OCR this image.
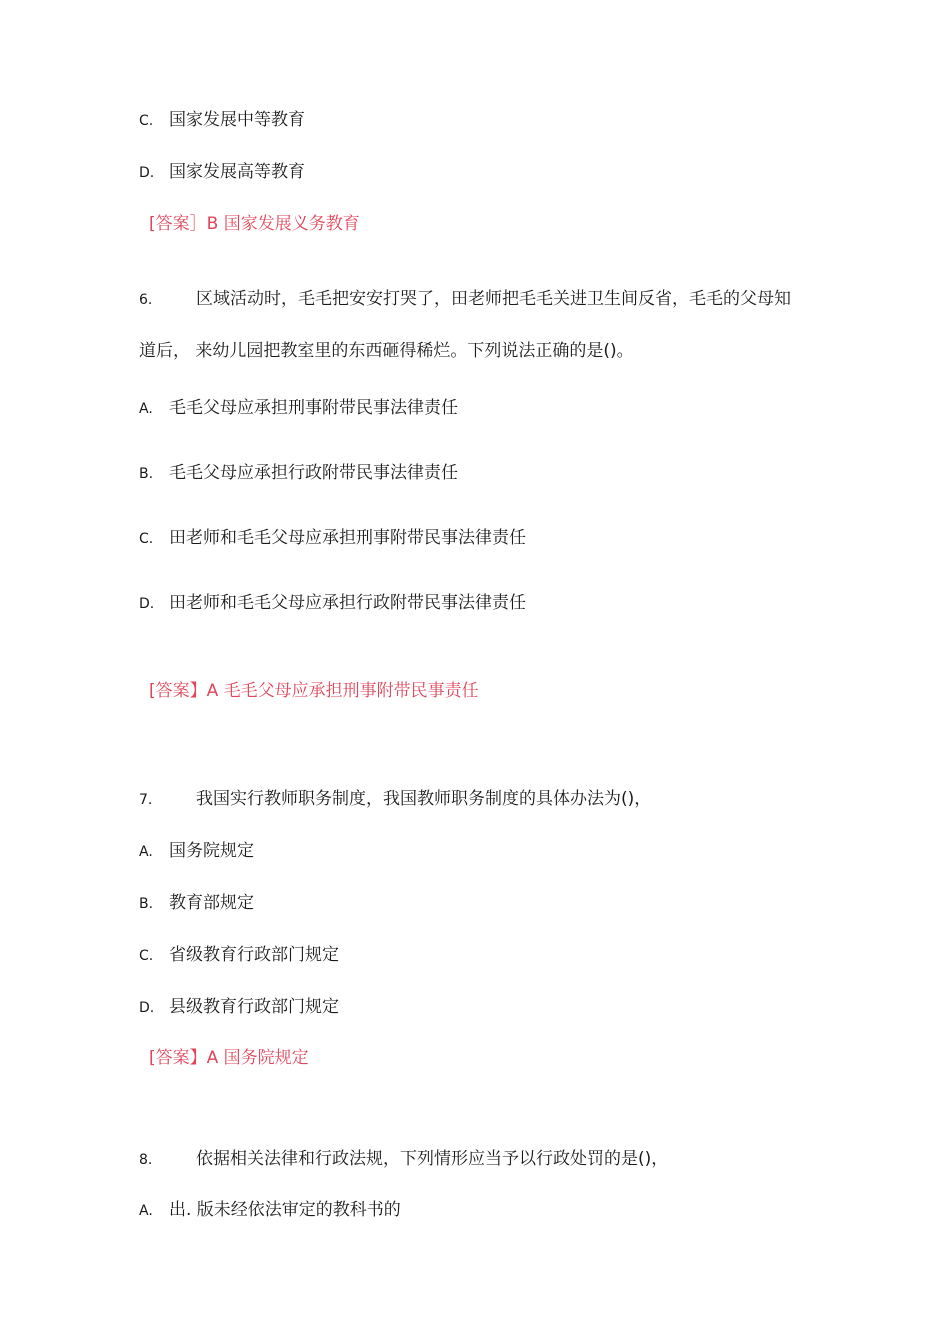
C. 国家发展中等教育
D. 国家发展高等教育
[答案］B 国家发展义务教育
6.	区域活动时，毛毛把安安打哭了，田老师把毛毛关进卫生间反省，毛毛的父母知
道后， 来幼儿园把教室里的东西砸得稀烂。下列说法正确的是()。
A. 毛毛父母应承担刑事附带民事法律责任
B. 毛毛父母应承担行政附带民事法律责任
C. 田老师和毛毛父母应承担刑事附带民事法律责任
D. 田老师和毛毛父母应承担行政附带民事法律责任
[答案】A 毛毛父母应承担刑事附带民事责任
7.	我国实行教师职务制度，我国教师职务制度的具体办法为()，
A. 国务院规定
B. 教育部规定
C. 省级教育行政部门规定
D. 县级教育行政部门规定
[答案】A 国务院规定
8.	依据相关法律和行政法规，下列情形应当予以行政处罚的是()，
A. 出. 版未经依法审定的教科书的
